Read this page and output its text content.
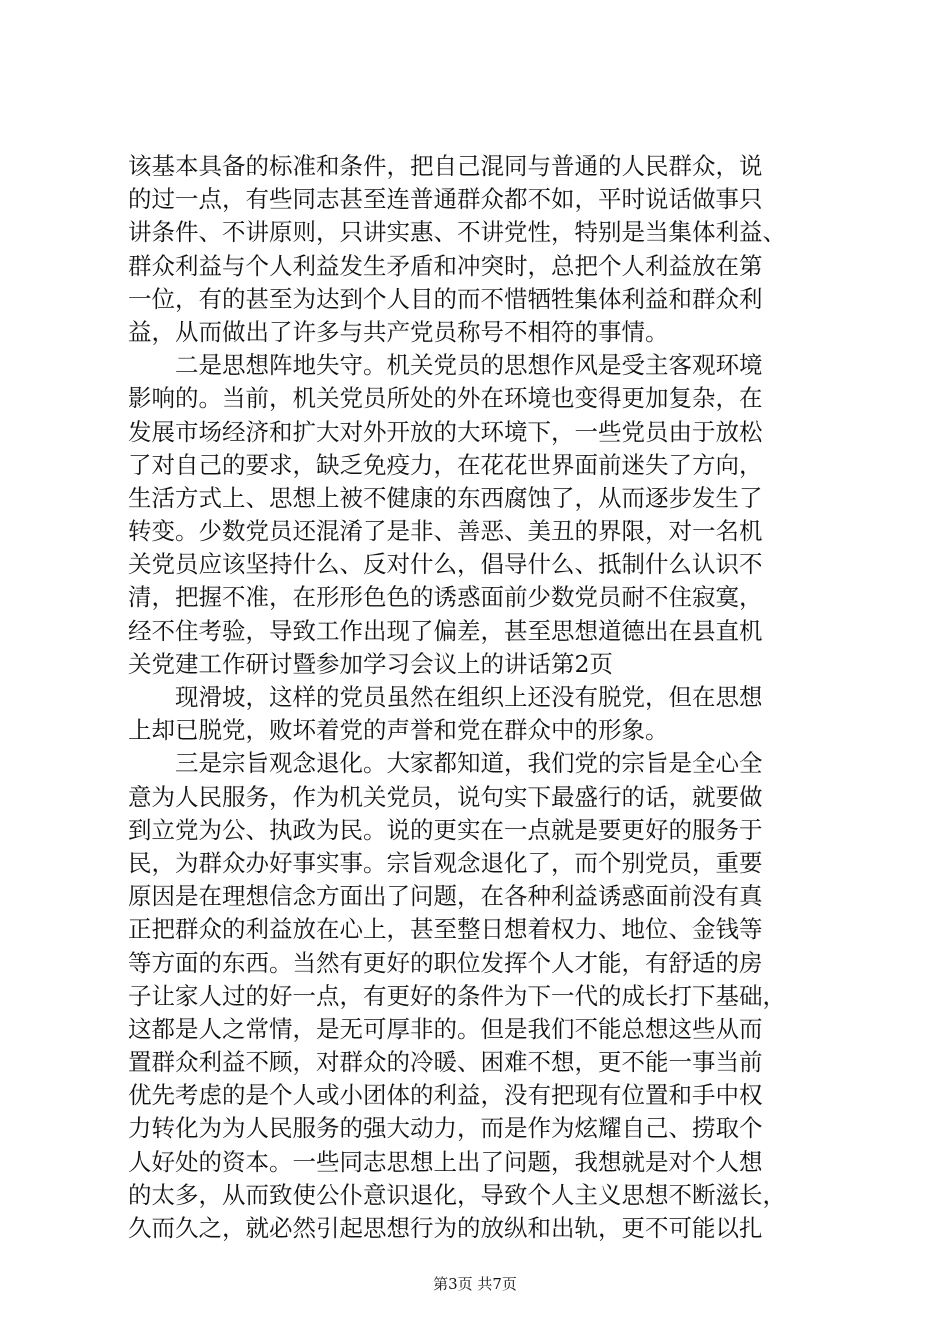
该基本具备的标准和条件，把自己混同与普通的人民群众，说
的过一点，有些同志甚至连普通群众都不如，平时说话做事只
讲条件、不讲原则，只讲实惠、不讲党性，特别是当集体利益、
群众利益与个人利益发生矛盾和冲突时，总把个人利益放在第
一位，有的甚至为达到个人目的而不惜牺牲集体利益和群众利
益，从而做出了许多与共产党员称号不相符的事情。
　　二是思想阵地失守。机关党员的思想作风是受主客观环境
影响的。当前，机关党员所处的外在环境也变得更加复杂，在
发展市场经济和扩大对外开放的大环境下，一些党员由于放松
了对自己的要求，缺乏免疫力，在花花世界面前迷失了方向，
生活方式上、思想上被不健康的东西腐蚀了，从而逐步发生了
转变。少数党员还混淆了是非、善恶、美丑的界限，对一名机
关党员应该坚持什么、反对什么，倡导什么、抵制什么认识不
清，把握不准，在形形色色的诱惑面前少数党员耐不住寂寞，
经不住考验，导致工作出现了偏差，甚至思想道德出在县直机
关党建工作研讨暨参加学习会议上的讲话第2页
　　现滑坡，这样的党员虽然在组织上还没有脱党，但在思想
上却已脱党，败坏着党的声誉和党在群众中的形象。
　　三是宗旨观念退化。大家都知道，我们党的宗旨是全心全
意为人民服务，作为机关党员，说句实下最盛行的话，就要做
到立党为公、执政为民。说的更实在一点就是要更好的服务于
民，为群众办好事实事。宗旨观念退化了，而个别党员，重要
原因是在理想信念方面出了问题，在各种利益诱惑面前没有真
正把群众的利益放在心上，甚至整日想着权力、地位、金钱等
等方面的东西。当然有更好的职位发挥个人才能，有舒适的房
子让家人过的好一点，有更好的条件为下一代的成长打下基础，
这都是人之常情，是无可厚非的。但是我们不能总想这些从而
置群众利益不顾，对群众的冷暖、困难不想，更不能一事当前
优先考虑的是个人或小团体的利益，没有把现有位置和手中权
力转化为为人民服务的强大动力，而是作为炫耀自己、捞取个
人好处的资本。一些同志思想上出了问题，我想就是对个人想
的太多，从而致使公仆意识退化，导致个人主义思想不断滋长，
久而久之，就必然引起思想行为的放纵和出轨，更不可能以扎
第3页 共7页
